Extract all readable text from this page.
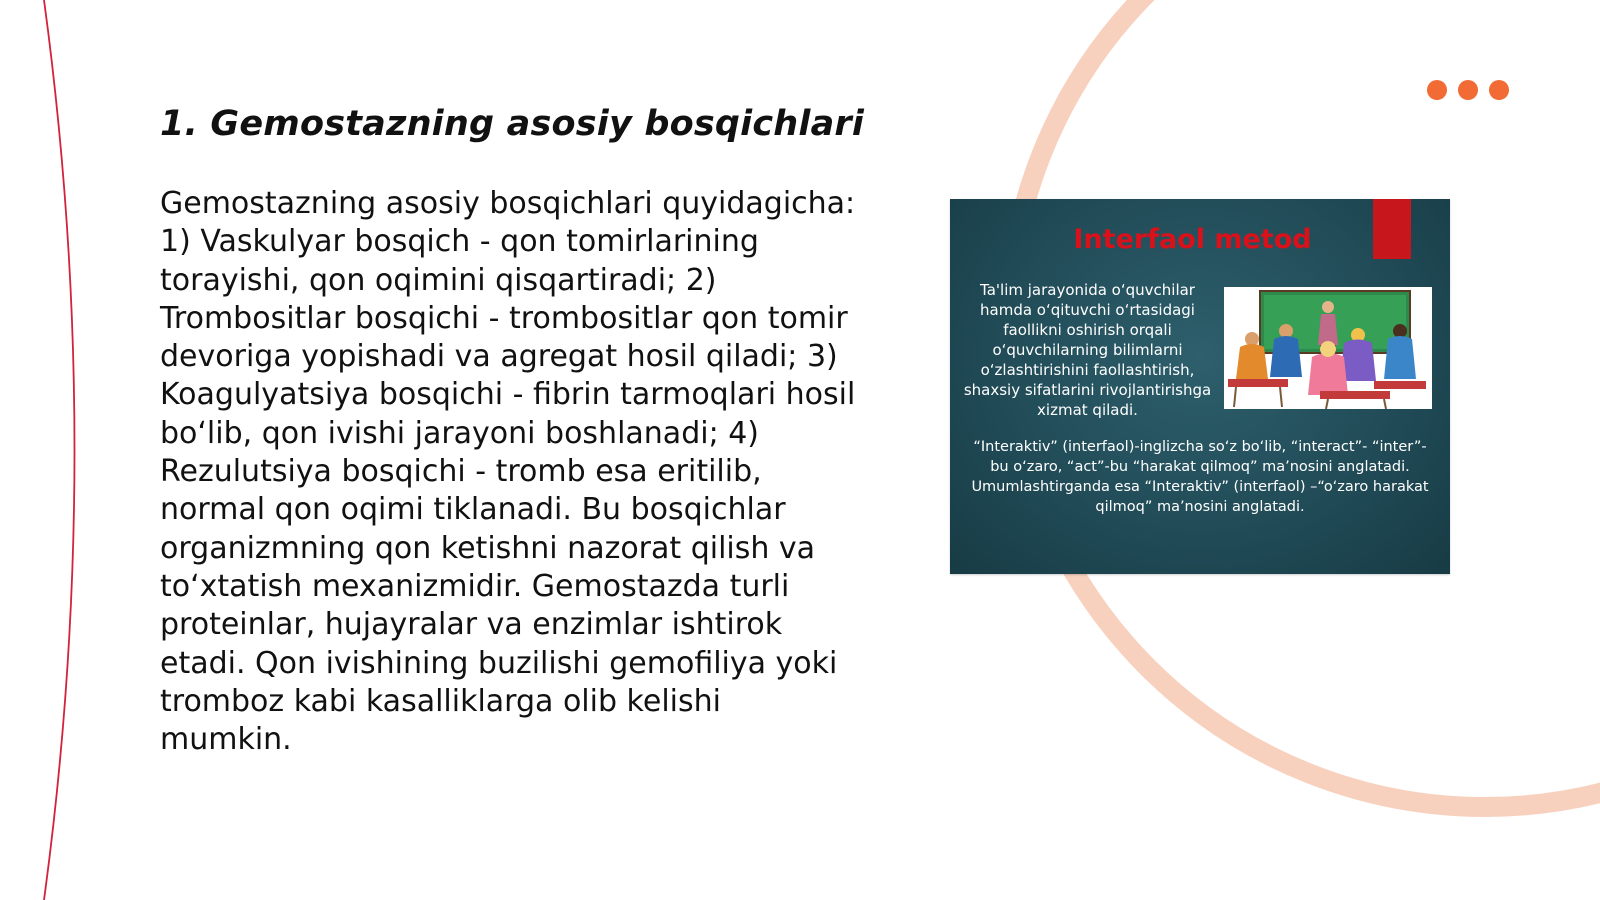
1. Gemostazning asosiy bosqichlari

Gemostazning asosiy bosqichlari quyidagicha: 1) Vaskulyar bosqich - qon tomirlarining torayishi, qon oqimini qisqartiradi; 2) Trombositlar bosqichi - trombositlar qon tomir devoriga yopishadi va agregat hosil qiladi; 3) Koagulyatsiya bosqichi - fibrin tarmoqlari hosil bo‘lib, qon ivishi jarayoni boshlanadi; 4) Rezulutsiya bosqichi - tromb esa eritilib, normal qon oqimi tiklanadi. Bu bosqichlar organizmning qon ketishni nazorat qilish va to‘xtatish mexanizmidir. Gemostazda turli proteinlar, hujayralar va enzimlar ishtirok etadi. Qon ivishining buzilishi gemofiliya yoki tromboz kabi kasalliklarga olib kelishi mumkin.

Interfaol metod
Ta'lim jarayonida o‘quvchilar hamda o‘qituvchi o‘rtasidagi faollikni oshirish orqali o‘quvchilarning bilimlarni o‘zlashtirishini faollashtirish, shaxsiy sifatlarini rivojlantirishga xizmat qiladi.
“Interaktiv” (interfaol)-inglizcha so‘z bo‘lib, “interact”- “inter”-bu o‘zaro, “act”-bu “harakat qilmoq” ma’nosini anglatadi. Umumlashtirganda esa “Interaktiv” (interfaol) –“o‘zaro harakat qilmoq” ma’nosini anglatadi.
